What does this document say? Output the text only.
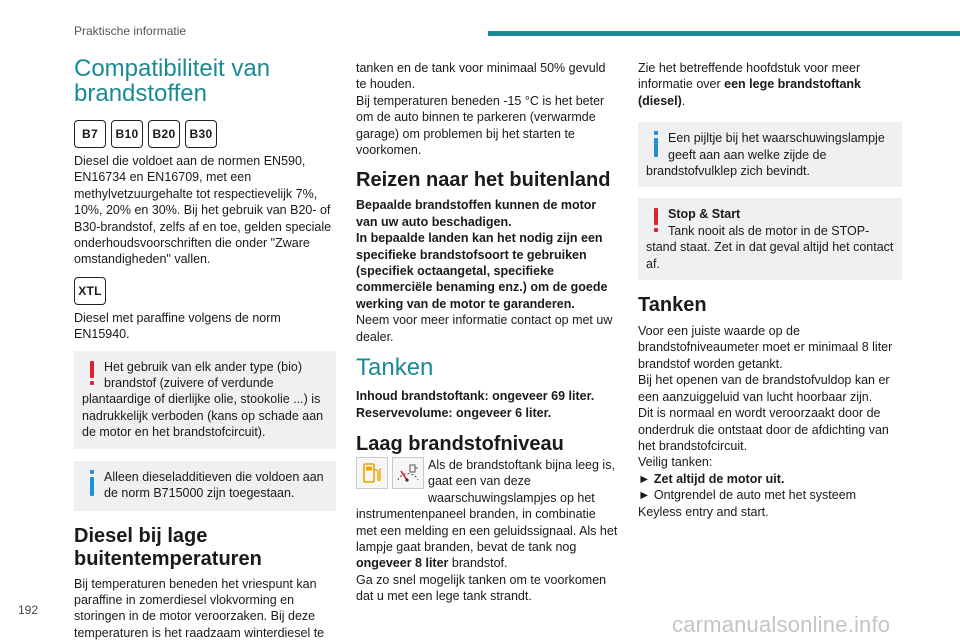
Praktische informatie
Compatibiliteit van brandstoffen
B7	B10	B20	B30

Diesel die voldoet aan de normen EN590, EN16734 en EN16709, met een methylvetzuurgehalte tot respectievelijk 7%, 10%, 20% en 30%. Bij het gebruik van B20- of B30-brandstof, zelfs af en toe, gelden speciale onderhoudsvoorschriften die onder "Zware omstandigheden" vallen.

XTL

Diesel met paraffine volgens de norm EN15940.

Het gebruik van elk ander type (bio) brandstof (zuivere of verdunde plantaardige of dierlijke olie, stookolie ...) is nadrukkelijk verboden (kans op schade aan de motor en het brandstofcircuit).
Alleen dieseladditieven die voldoen aan de norm B715000 zijn toegestaan.
Diesel bij lage buitentemperaturen

Bij temperaturen beneden het vriespunt kan paraffine in zomerdiesel vlokvorming en storingen in de motor veroorzaken. Bij deze temperaturen is het raadzaam winterdiesel te

tanken en de tank voor minimaal 50% gevuld te houden.

Bij temperaturen beneden -15 °C is het beter om de auto binnen te parkeren (verwarmde garage) om problemen bij het starten te voorkomen.

Reizen naar het buitenland

Bepaalde brandstoffen kunnen de motor van uw auto beschadigen.

In bepaalde landen kan het nodig zijn een specifieke brandstofsoort te gebruiken (specifiek octaangetal, specifieke commerciële benaming enz.) om de goede werking van de motor te garanderen.

Neem voor meer informatie contact op met uw dealer.

Tanken

Inhoud brandstoftank: ongeveer 69 liter.

Reservevolume: ongeveer 6 liter.

Laag brandstofniveau

Als de brandstoftank bijna leeg is, gaat een van deze waarschuwingslampjes op het instrumentenpaneel branden, in combinatie met een melding en een geluidssignaal. Als het lampje gaat branden, bevat de tank nog ongeveer 8 liter brandstof.

Ga zo snel mogelijk tanken om te voorkomen dat u met een lege tank strandt.

Zie het betreffende hoofdstuk voor meer informatie over een lege brandstoftank (diesel).

Een pijltje bij het waarschuwingslampje geeft aan aan welke zijde de brandstofvulklep zich bevindt.
Stop & Start
Tank nooit als de motor in de STOP-stand staat. Zet in dat geval altijd het contact af.
Tanken

Voor een juiste waarde op de brandstofniveaumeter moet er minimaal 8 liter brandstof worden getankt.

Bij het openen van de brandstofvuldop kan er een aanzuiggeluid van lucht hoorbaar zijn.

Dit is normaal en wordt veroorzaakt door de onderdruk die ontstaat door de afdichting van het brandstofcircuit.

Veilig tanken:

► Zet altijd de motor uit.

► Ontgrendel de auto met het systeem Keyless entry and start.

192
carmanualsonline.info
